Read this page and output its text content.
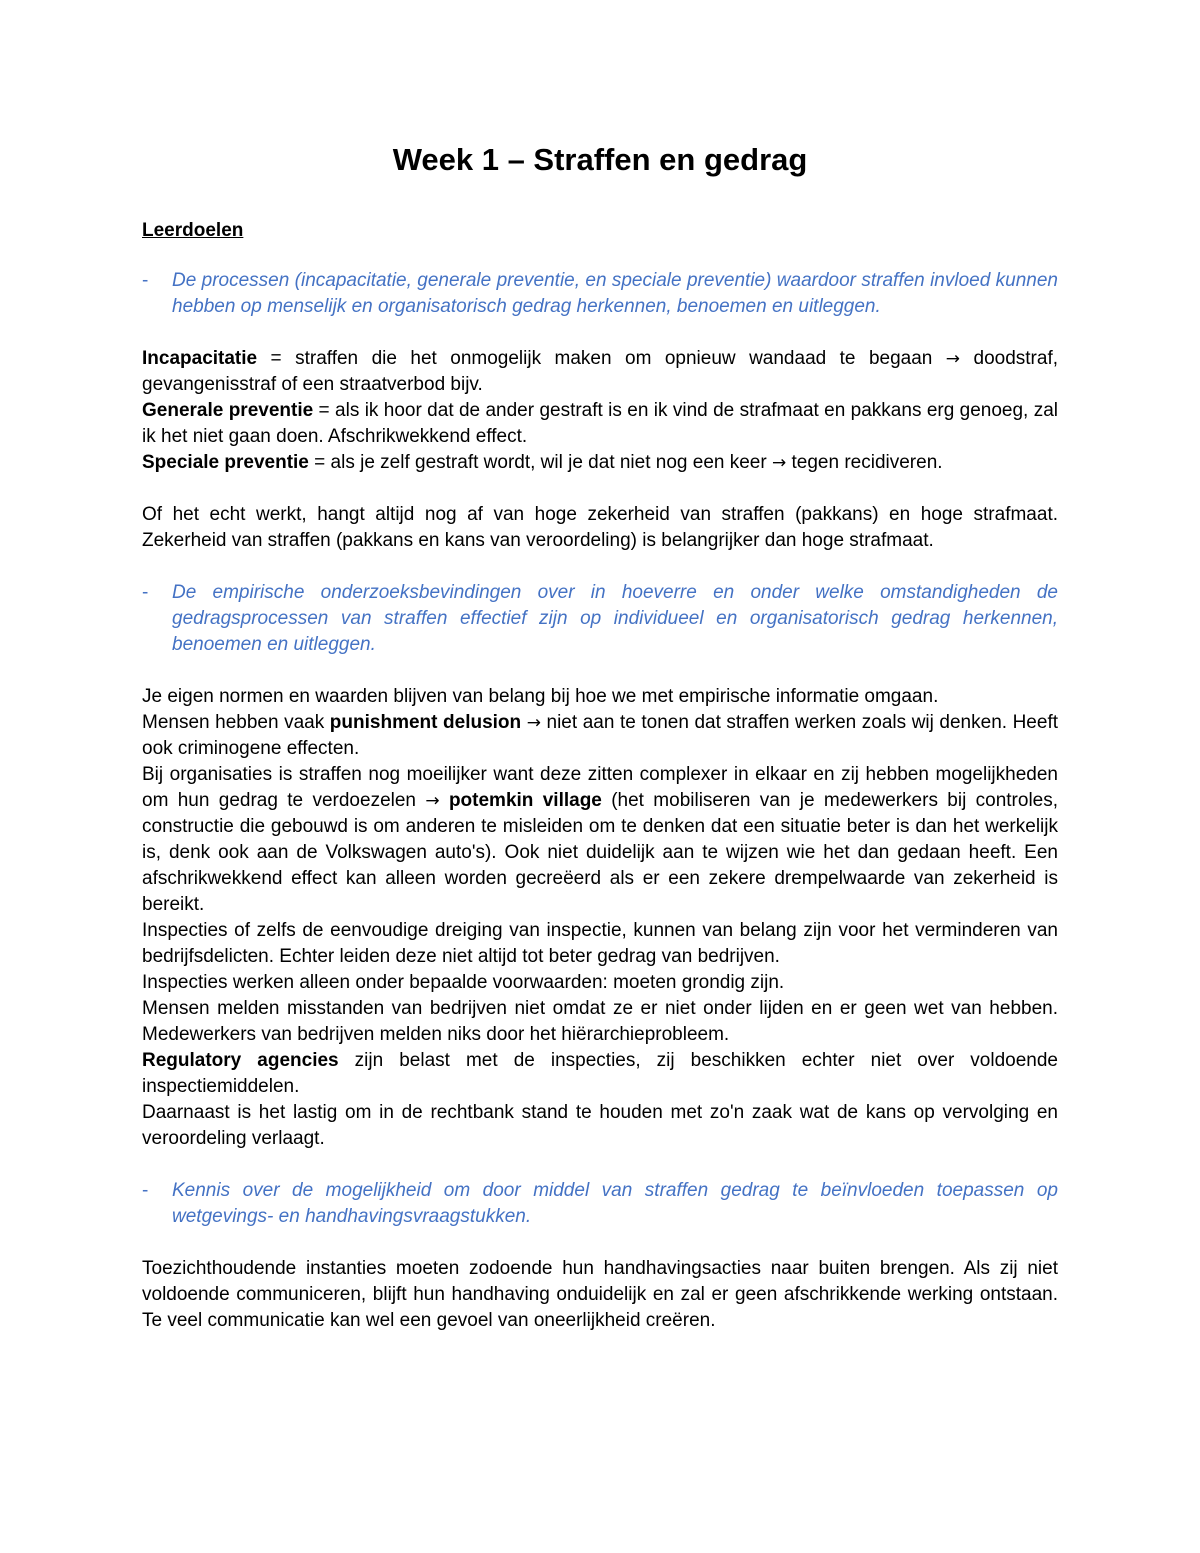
Week 1 – Straffen en gedrag
Leerdoelen

- De processen (incapacitatie, generale preventie, en speciale preventie) waardoor straffen invloed kunnen hebben op menselijk en organisatorisch gedrag herkennen, benoemen en uitleggen.

Incapacitatie = straffen die het onmogelijk maken om opnieuw wandaad te begaan → doodstraf, gevangenisstraf of een straatverbod bijv.

Generale preventie = als ik hoor dat de ander gestraft is en ik vind de strafmaat en pakkans erg genoeg, zal ik het niet gaan doen. Afschrikwekkend effect.

Speciale preventie = als je zelf gestraft wordt, wil je dat niet nog een keer → tegen recidiveren.

Of het echt werkt, hangt altijd nog af van hoge zekerheid van straffen (pakkans) en hoge strafmaat. Zekerheid van straffen (pakkans en kans van veroordeling) is belangrijker dan hoge strafmaat.

- De empirische onderzoeksbevindingen over in hoeverre en onder welke omstandigheden de gedragsprocessen van straffen effectief zijn op individueel en organisatorisch gedrag herkennen, benoemen en uitleggen.

Je eigen normen en waarden blijven van belang bij hoe we met empirische informatie omgaan.

Mensen hebben vaak punishment delusion → niet aan te tonen dat straffen werken zoals wij denken. Heeft ook criminogene effecten.

Bij organisaties is straffen nog moeilijker want deze zitten complexer in elkaar en zij hebben mogelijkheden om hun gedrag te verdoezelen → potemkin village (het mobiliseren van je medewerkers bij controles, constructie die gebouwd is om anderen te misleiden om te denken dat een situatie beter is dan het werkelijk is, denk ook aan de Volkswagen auto's). Ook niet duidelijk aan te wijzen wie het dan gedaan heeft. Een afschrikwekkend effect kan alleen worden gecreëerd als er een zekere drempelwaarde van zekerheid is bereikt.

Inspecties of zelfs de eenvoudige dreiging van inspectie, kunnen van belang zijn voor het verminderen van bedrijfsdelicten. Echter leiden deze niet altijd tot beter gedrag van bedrijven.

Inspecties werken alleen onder bepaalde voorwaarden: moeten grondig zijn.

Mensen melden misstanden van bedrijven niet omdat ze er niet onder lijden en er geen wet van hebben. Medewerkers van bedrijven melden niks door het hiërarchieprobleem.

Regulatory agencies zijn belast met de inspecties, zij beschikken echter niet over voldoende inspectiemiddelen.

Daarnaast is het lastig om in de rechtbank stand te houden met zo'n zaak wat de kans op vervolging en veroordeling verlaagt.

- Kennis over de mogelijkheid om door middel van straffen gedrag te beïnvloeden toepassen op wetgevings- en handhavingsvraagstukken.

Toezichthoudende instanties moeten zodoende hun handhavingsacties naar buiten brengen. Als zij niet voldoende communiceren, blijft hun handhaving onduidelijk en zal er geen afschrikkende werking ontstaan. Te veel communicatie kan wel een gevoel van oneerlijkheid creëren.
